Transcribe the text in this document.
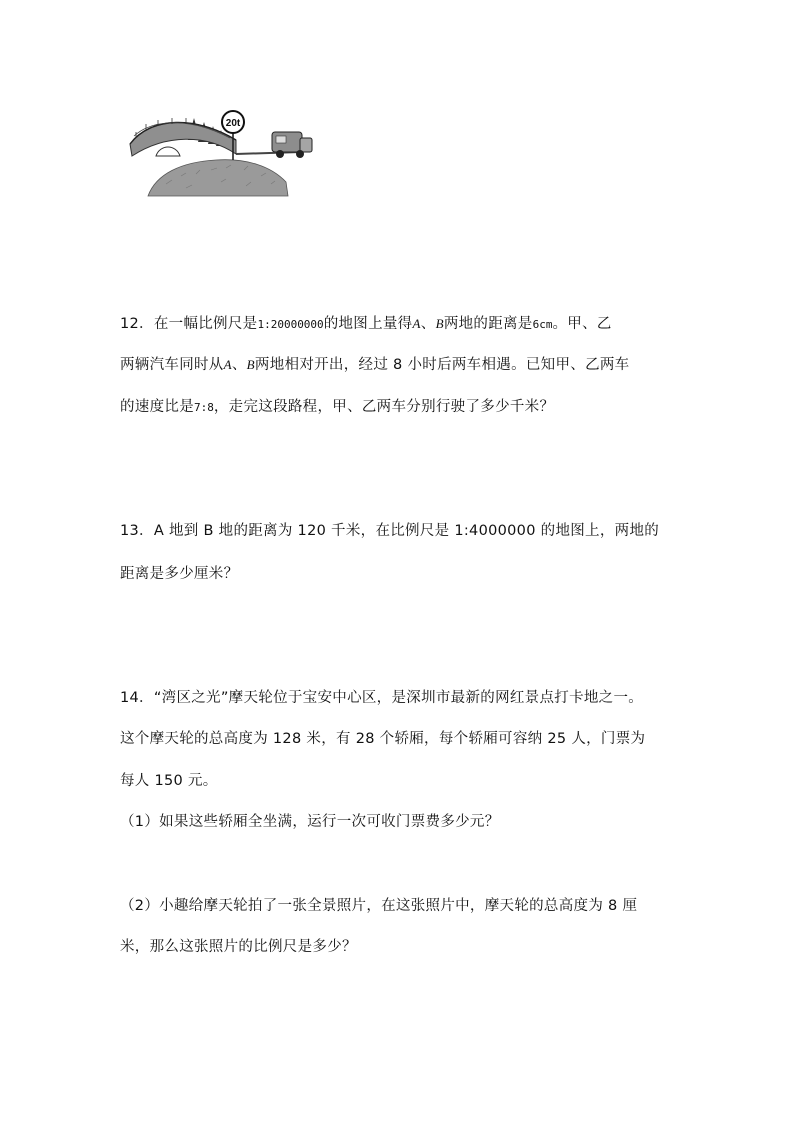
20t
12．在一幅比例尺是1:20000000的地图上量得A、B两地的距离是6cm。甲、乙
两辆汽车同时从A、B两地相对开出，经过 8 小时后两车相遇。已知甲、乙两车
的速度比是7:8，走完这段路程，甲、乙两车分别行驶了多少千米？
13．A 地到 B 地的距离为 120 千米，在比例尺是 1:4000000 的地图上，两地的
距离是多少厘米？
14．“湾区之光”摩天轮位于宝安中心区，是深圳市最新的网红景点打卡地之一。
这个摩天轮的总高度为 128 米，有 28 个轿厢，每个轿厢可容纳 25 人，门票为
每人 150 元。
（1）如果这些轿厢全坐满，运行一次可收门票费多少元？
（2）小趣给摩天轮拍了一张全景照片，在这张照片中，摩天轮的总高度为 8 厘
米，那么这张照片的比例尺是多少？
